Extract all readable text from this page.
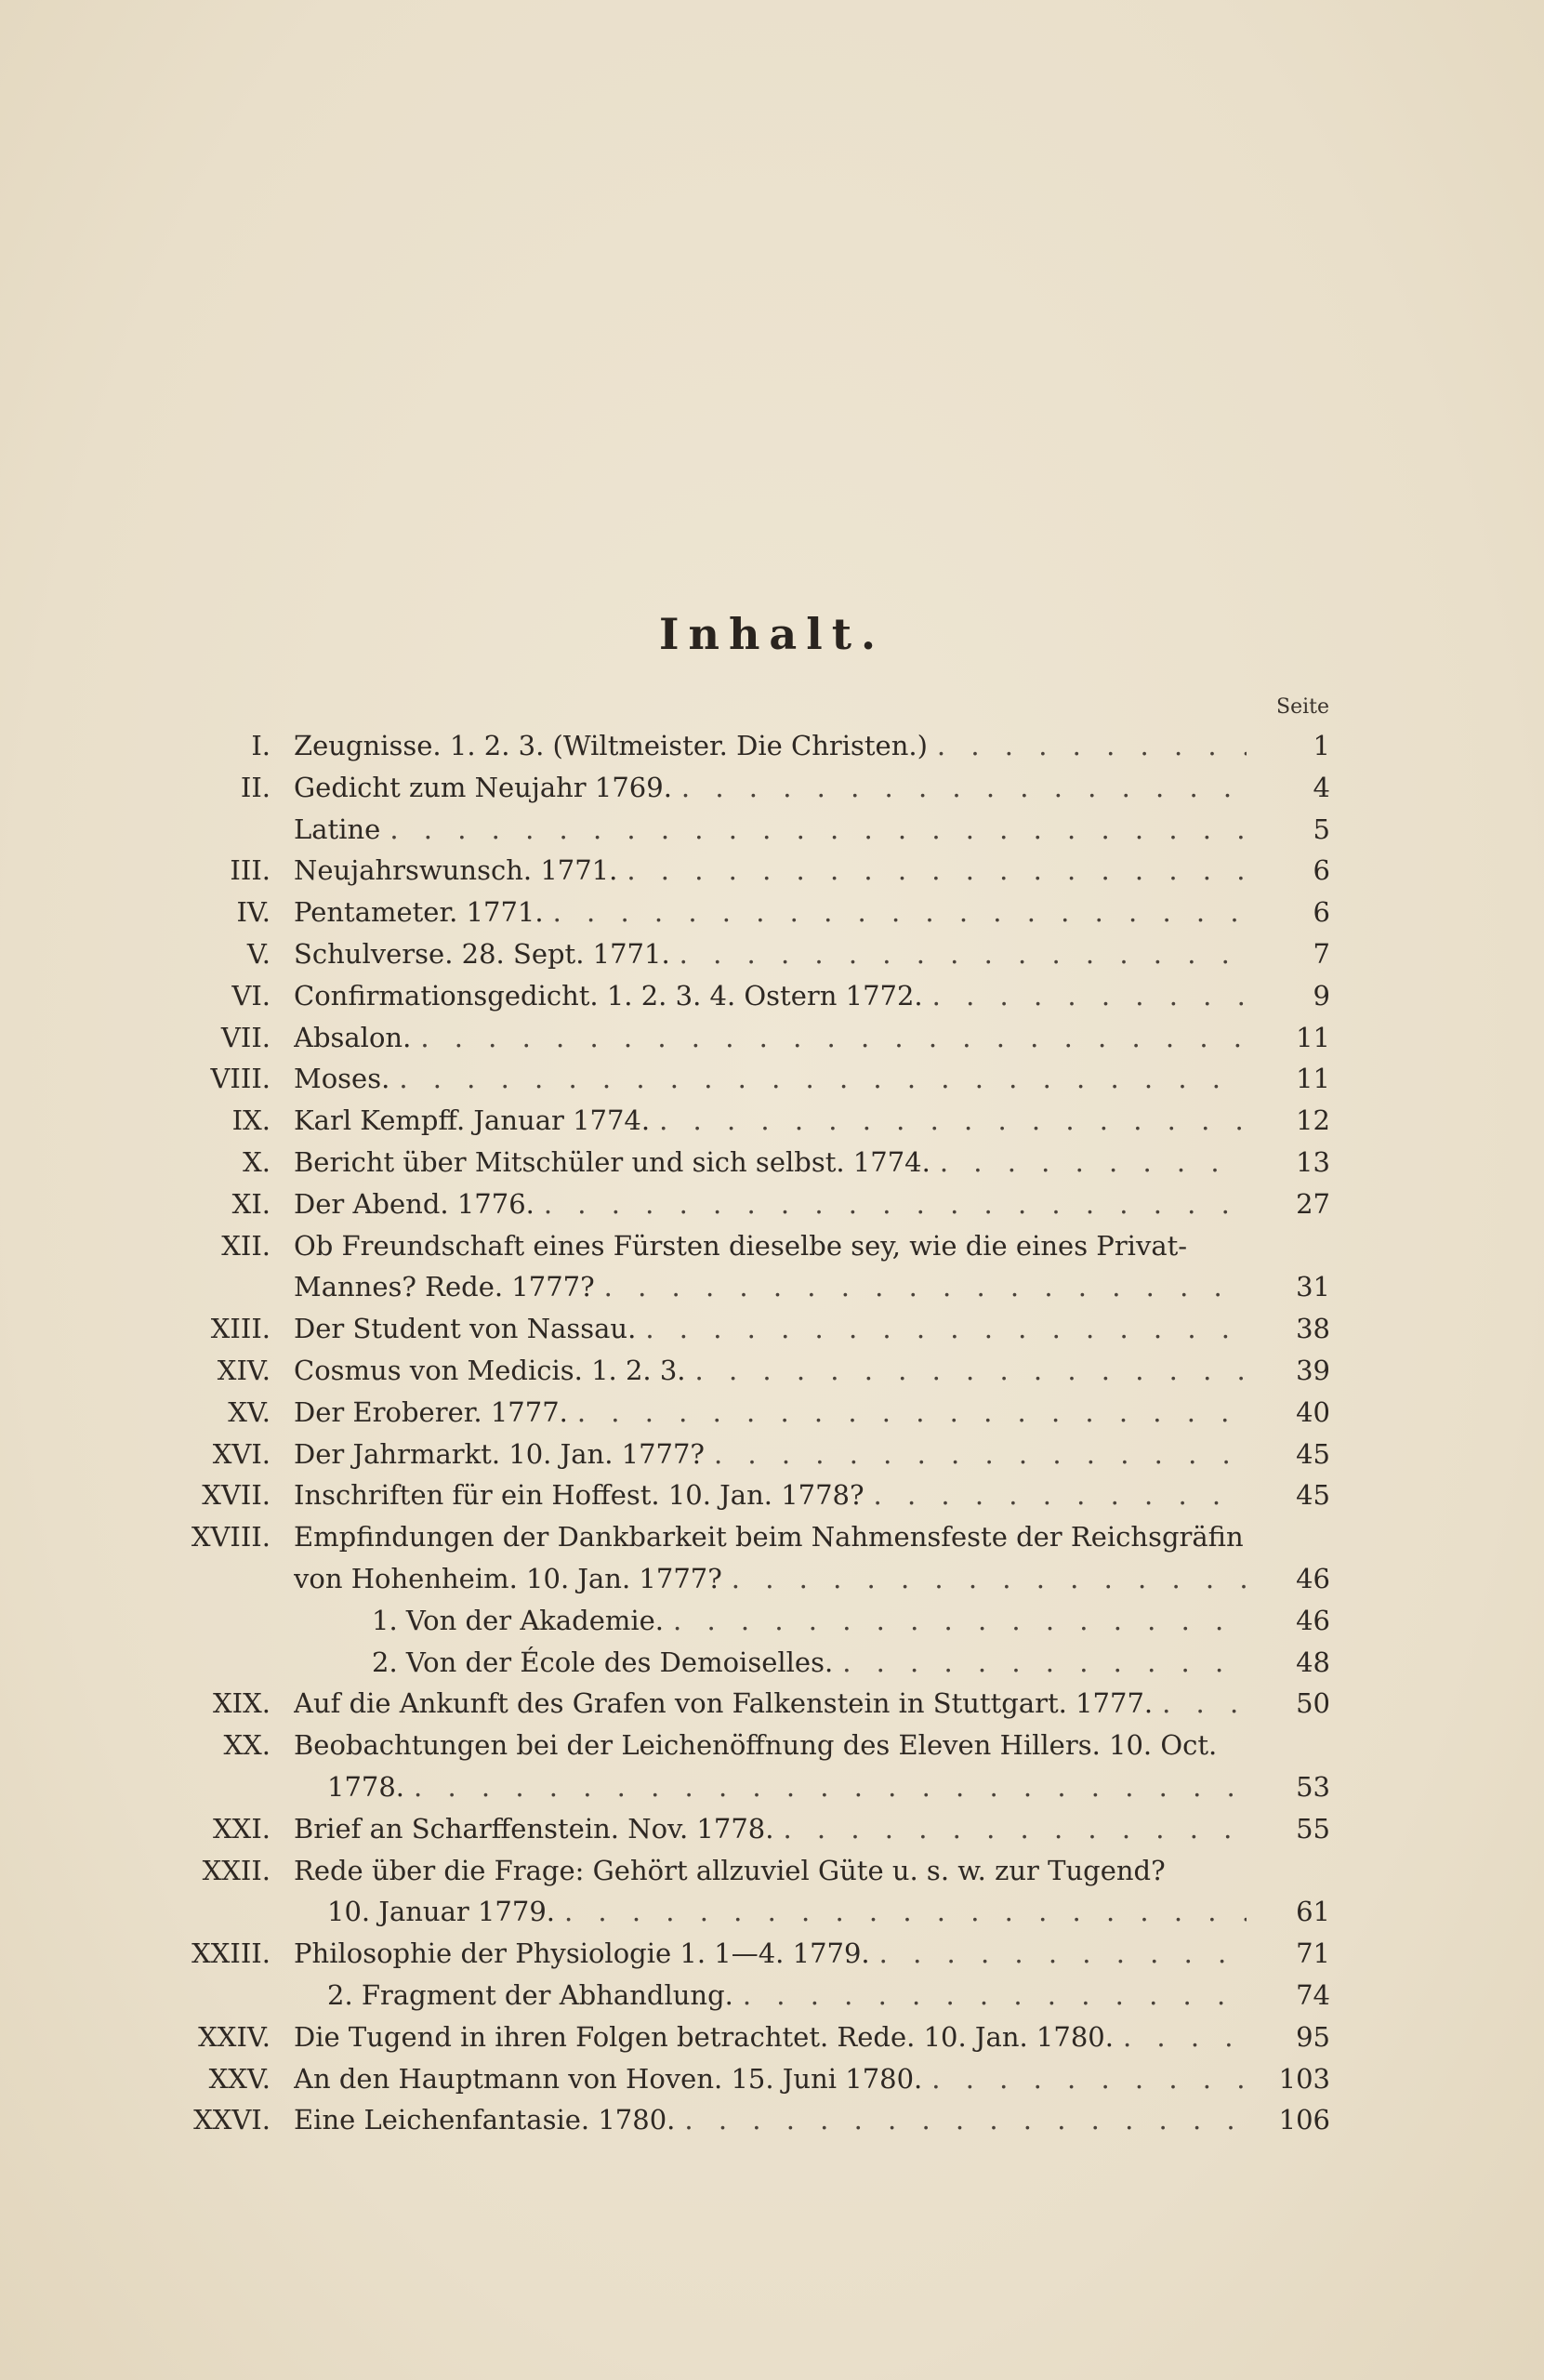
Inhalt.
Seite
I. Zeugnisse. 1. 2. 3. (Wiltmeister. Die Christen.) . . .	1
II. Gedicht zum Neujahr 1769. . . .	4
Latine . . .	5
III. Neujahrswunsch. 1771. . . .	6
IV. Pentameter. 1771. . . .	6
V. Schulverse. 28. Sept. 1771. . . .	7
VI. Confirmationsgedicht. 1. 2. 3. 4. Ostern 1772. . . .	9
VII. Absalon. . . .	11
VIII. Moses. . . .	11
IX. Karl Kempff. Januar 1774. . . .	12
X. Bericht über Mitschüler und sich selbst. 1774. . . .	13
XI. Der Abend. 1776. . . .	27
XII. Ob Freundschaft eines Fürsten dieselbe sey, wie die eines Privat-
Mannes? Rede. 1777? . . .	31
XIII. Der Student von Nassau. . . .	38
XIV. Cosmus von Medicis. 1. 2. 3. . . .	39
XV. Der Eroberer. 1777. . . .	40
XVI. Der Jahrmarkt. 10. Jan. 1777? . . .	45
XVII. Inschriften für ein Hoffest. 10. Jan. 1778? . . .	45
XVIII. Empfindungen der Dankbarkeit beim Nahmensfeste der Reichsgräfin
von Hohenheim. 10. Jan. 1777? . . .	46
1. Von der Akademie. . . .	46
2. Von der École des Demoiselles. . . .	48
XIX. Auf die Ankunft des Grafen von Falkenstein in Stuttgart. 1777. . . .	50
XX. Beobachtungen bei der Leichenöffnung des Eleven Hillers. 10. Oct.
1778. . . .	53
XXI. Brief an Scharffenstein. Nov. 1778. . . .	55
XXII. Rede über die Frage: Gehört allzuviel Güte u. s. w. zur Tugend?
10. Januar 1779. . . .	61
XXIII. Philosophie der Physiologie 1. 1—4. 1779. . . .	71
2. Fragment der Abhandlung. . . .	74
XXIV. Die Tugend in ihren Folgen betrachtet. Rede. 10. Jan. 1780. . . .	95
XXV. An den Hauptmann von Hoven. 15. Juni 1780. . . .	103
XXVI. Eine Leichenfantasie. 1780. . . .	106
